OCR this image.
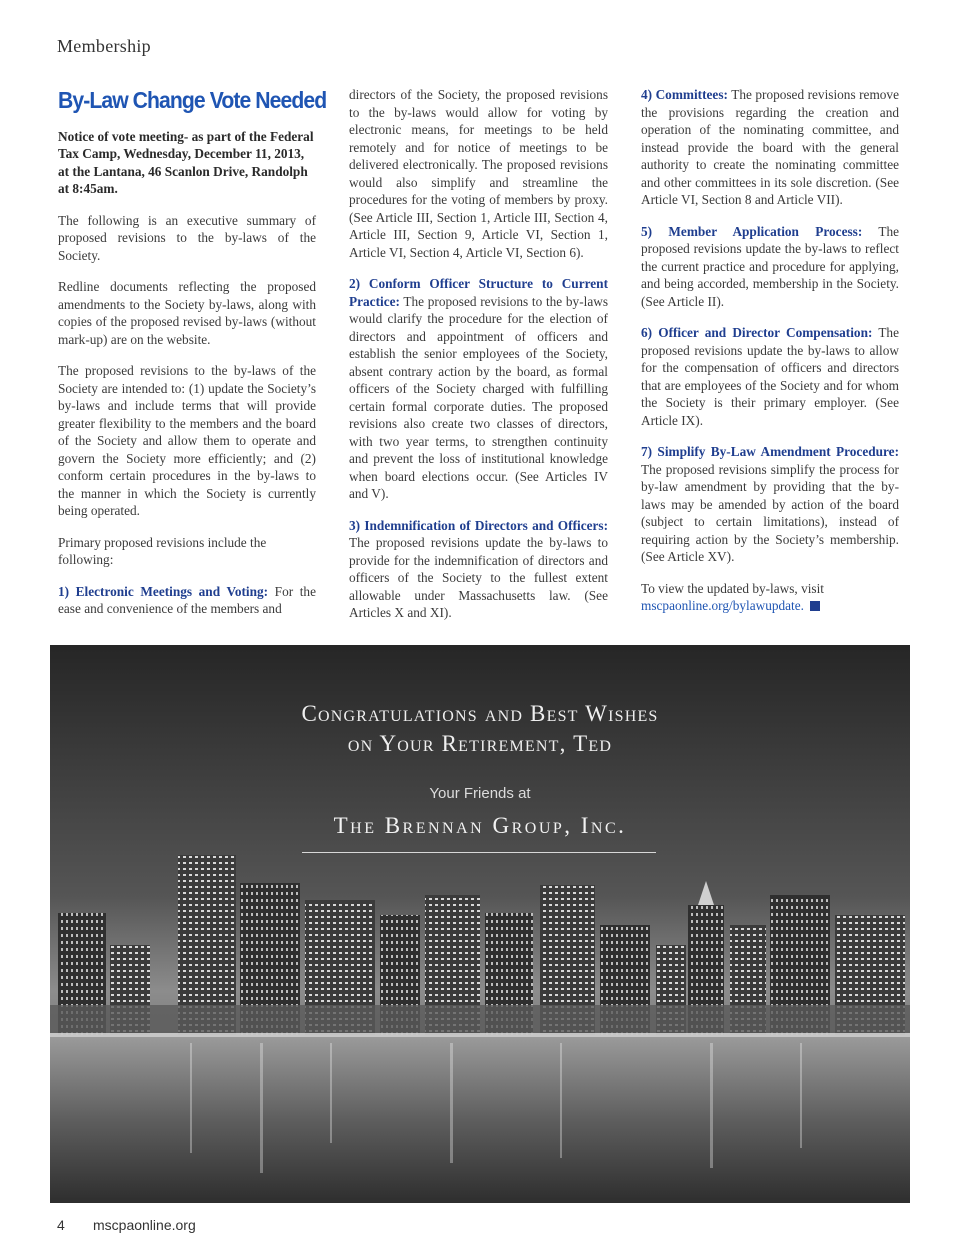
Membership
By-Law Change Vote Needed

Notice of vote meeting- as part of the Federal Tax Camp, Wednesday, December 11, 2013, at the Lantana, 46 Scanlon Drive, Randolph at 8:45am.

The following is an executive summary of proposed revisions to the by-laws of the Society.

Redline documents reflecting the proposed amendments to the Society by-laws, along with copies of the proposed revised by-laws (without mark-up) are on the website.

The proposed revisions to the by-laws of the Society are intended to: (1) update the Society’s by-laws and include terms that will provide greater flexibility to the members and the board of the Society and allow them to operate and govern the Society more efficiently; and (2) conform certain procedures in the by-laws to the manner in which the Society is currently being operated.

Primary proposed revisions include the following:

1) Electronic Meetings and Voting: For the ease and convenience of the members and

directors of the Society, the proposed revisions to the by-laws would allow for voting by electronic means, for meetings to be held remotely and for notice of meetings to be delivered electronically. The proposed revisions would also simplify and streamline the procedures for the voting of members by proxy. (See Article III, Section 1, Article III, Section 4, Article III, Section 9, Article VI, Section 1, Article VI, Section 4, Article VI, Section 6).

2) Conform Officer Structure to Current Practice: The proposed revisions to the by-laws would clarify the procedure for the election of directors and appointment of officers and establish the senior employees of the Society, absent contrary action by the board, as formal officers of the Society charged with fulfilling certain formal corporate duties. The proposed revisions also create two classes of directors, with two year terms, to strengthen continuity and prevent the loss of institutional knowledge when board elections occur. (See Articles IV and V).

3) Indemnification of Directors and Officers: The proposed revisions update the by-laws to provide for the indemnification of directors and officers of the Society to the fullest extent allowable under Massachusetts law. (See Articles X and XI).

4) Committees: The proposed revisions remove the provisions regarding the creation and operation of the nominating committee, and instead provide the board with the general authority to create the nominating committee and other committees in its sole discretion. (See Article VI, Section 8 and Article VII).

5) Member Application Process: The proposed revisions update the by-laws to reflect the current practice and procedure for applying, and being accorded, membership in the Society. (See Article II).

6) Officer and Director Compensation: The proposed revisions update the by-laws to allow for the compensation of officers and directors that are employees of the Society and for whom the Society is their primary employer. (See Article IX).

7) Simplify By-Law Amendment Procedure: The proposed revisions simplify the process for by-law amendment by providing that the by-laws may be amended by action of the board (subject to certain limitations), instead of requiring action by the Society’s membership. (See Article XV).

To view the updated by-laws, visit
mscpaonline.org/bylawupdate.

Congratulations and Best Wishes
on Your Retirement, Ted
Your Friends at
The Brennan Group, Inc.
4 mscpaonline.org
